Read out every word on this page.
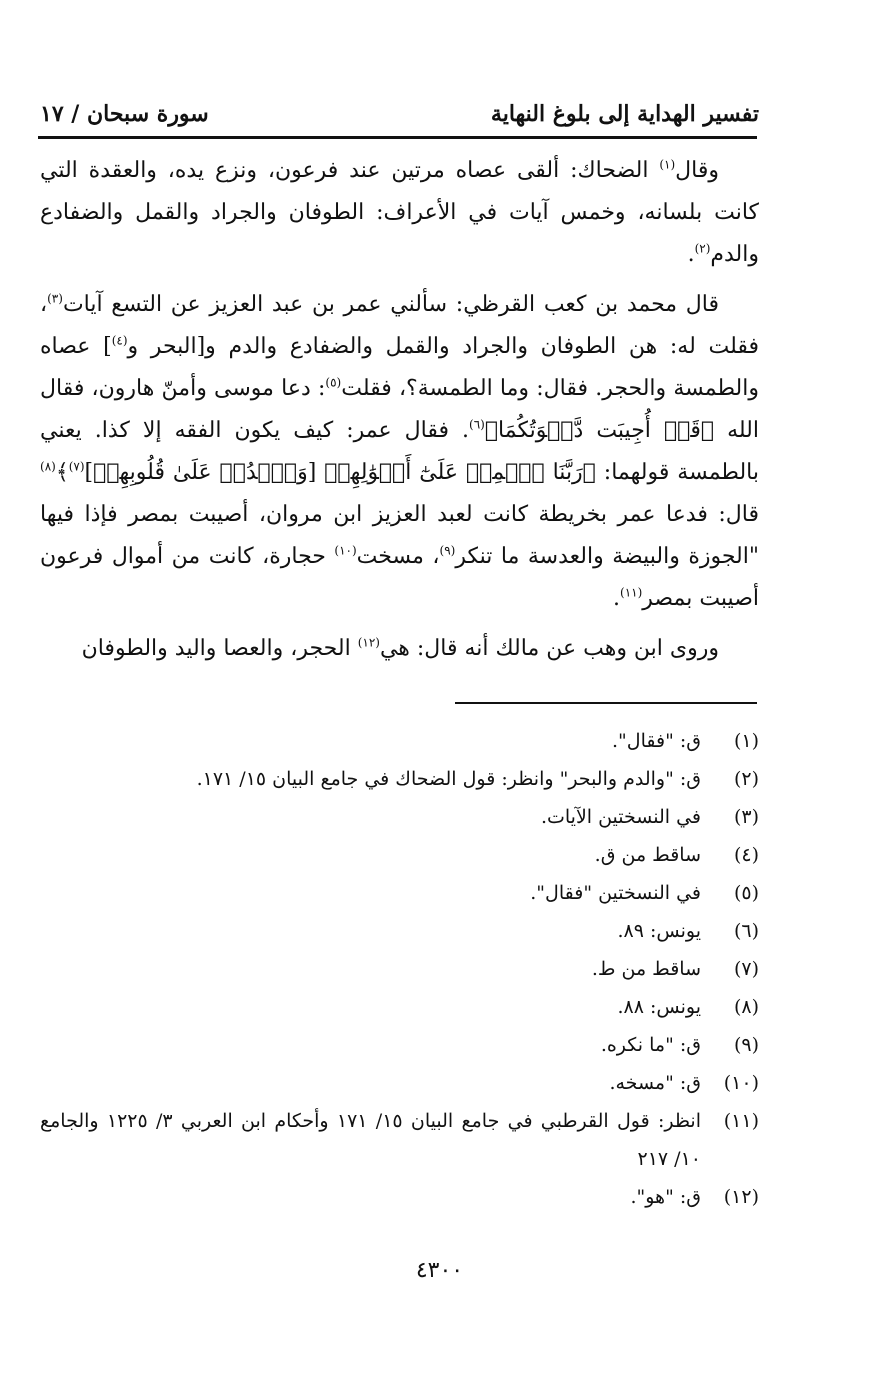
تفسير الهداية إلى بلوغ النهاية
سورة سبحان / ١٧

وقال$^{(١)}$ الضحاك: ألقى عصاه مرتين عند فرعون، ونزع يده، والعقدة التي كانت بلسانه، وخمس آيات في الأعراف: الطوفان والجراد والقمل والضفادع والدم$^{(٢)}$.

قال محمد بن كعب القرظي: سألني عمر بن عبد العزيز عن التسع آيات$^{(٣)}$، فقلت له: هن الطوفان والجراد والقمل والضفادع والدم و[البحر و$^{(٤)}$] عصاه والطمسة والحجر. فقال: وما الطمسة؟، فقلت$^{(٥)}$: دعا موسى وأمنّ هارون، فقال الله ﴿قَدۡ أُجِيبَت دَّعۡوَتُكُمَا﴾$^{(٦)}$. فقال عمر: كيف يكون الفقه إلا كذا. يعني بالطمسة قولهما: ﴿رَبَّنَا ٱطۡمِسۡ عَلَىٰٓ أَمۡوَٰلِهِمۡ [وَٱشۡدُدۡ عَلَىٰ قُلُوبِهِمۡ]$^{(٧)}$﴾$^{(٨)}$ قال: فدعا عمر بخريطة كانت لعبد العزيز ابن مروان، أصيبت بمصر فإذا فيها "الجوزة والبيضة والعدسة ما تنكر$^{(٩)}$، مسخت$^{(١٠)}$ حجارة، كانت من أموال فرعون أصيبت بمصر$^{(١١)}$.

وروى ابن وهب عن مالك أنه قال: هي$^{(١٢)}$ الحجر، والعصا واليد والطوفان

(١)
ق: "فقال".
(٢)
ق: "والدم والبحر" وانظر: قول الضحاك في جامع البيان ١٥/ ١٧١.
(٣)
في النسختين الآيات.
(٤)
ساقط من ق.
(٥)
في النسختين "فقال".
(٦)
يونس: ٨٩.
(٧)
ساقط من ط.
(٨)
يونس: ٨٨.
(٩)
ق: "ما نكره.
(١٠)
ق: "مسخه.
(١١)
انظر: قول القرطبي في جامع البيان ١٥/ ١٧١ وأحكام ابن العربي ٣/ ١٢٢٥ والجامع ١٠/ ٢١٧
(١٢)
ق: "هو".
٤٣٠٠
